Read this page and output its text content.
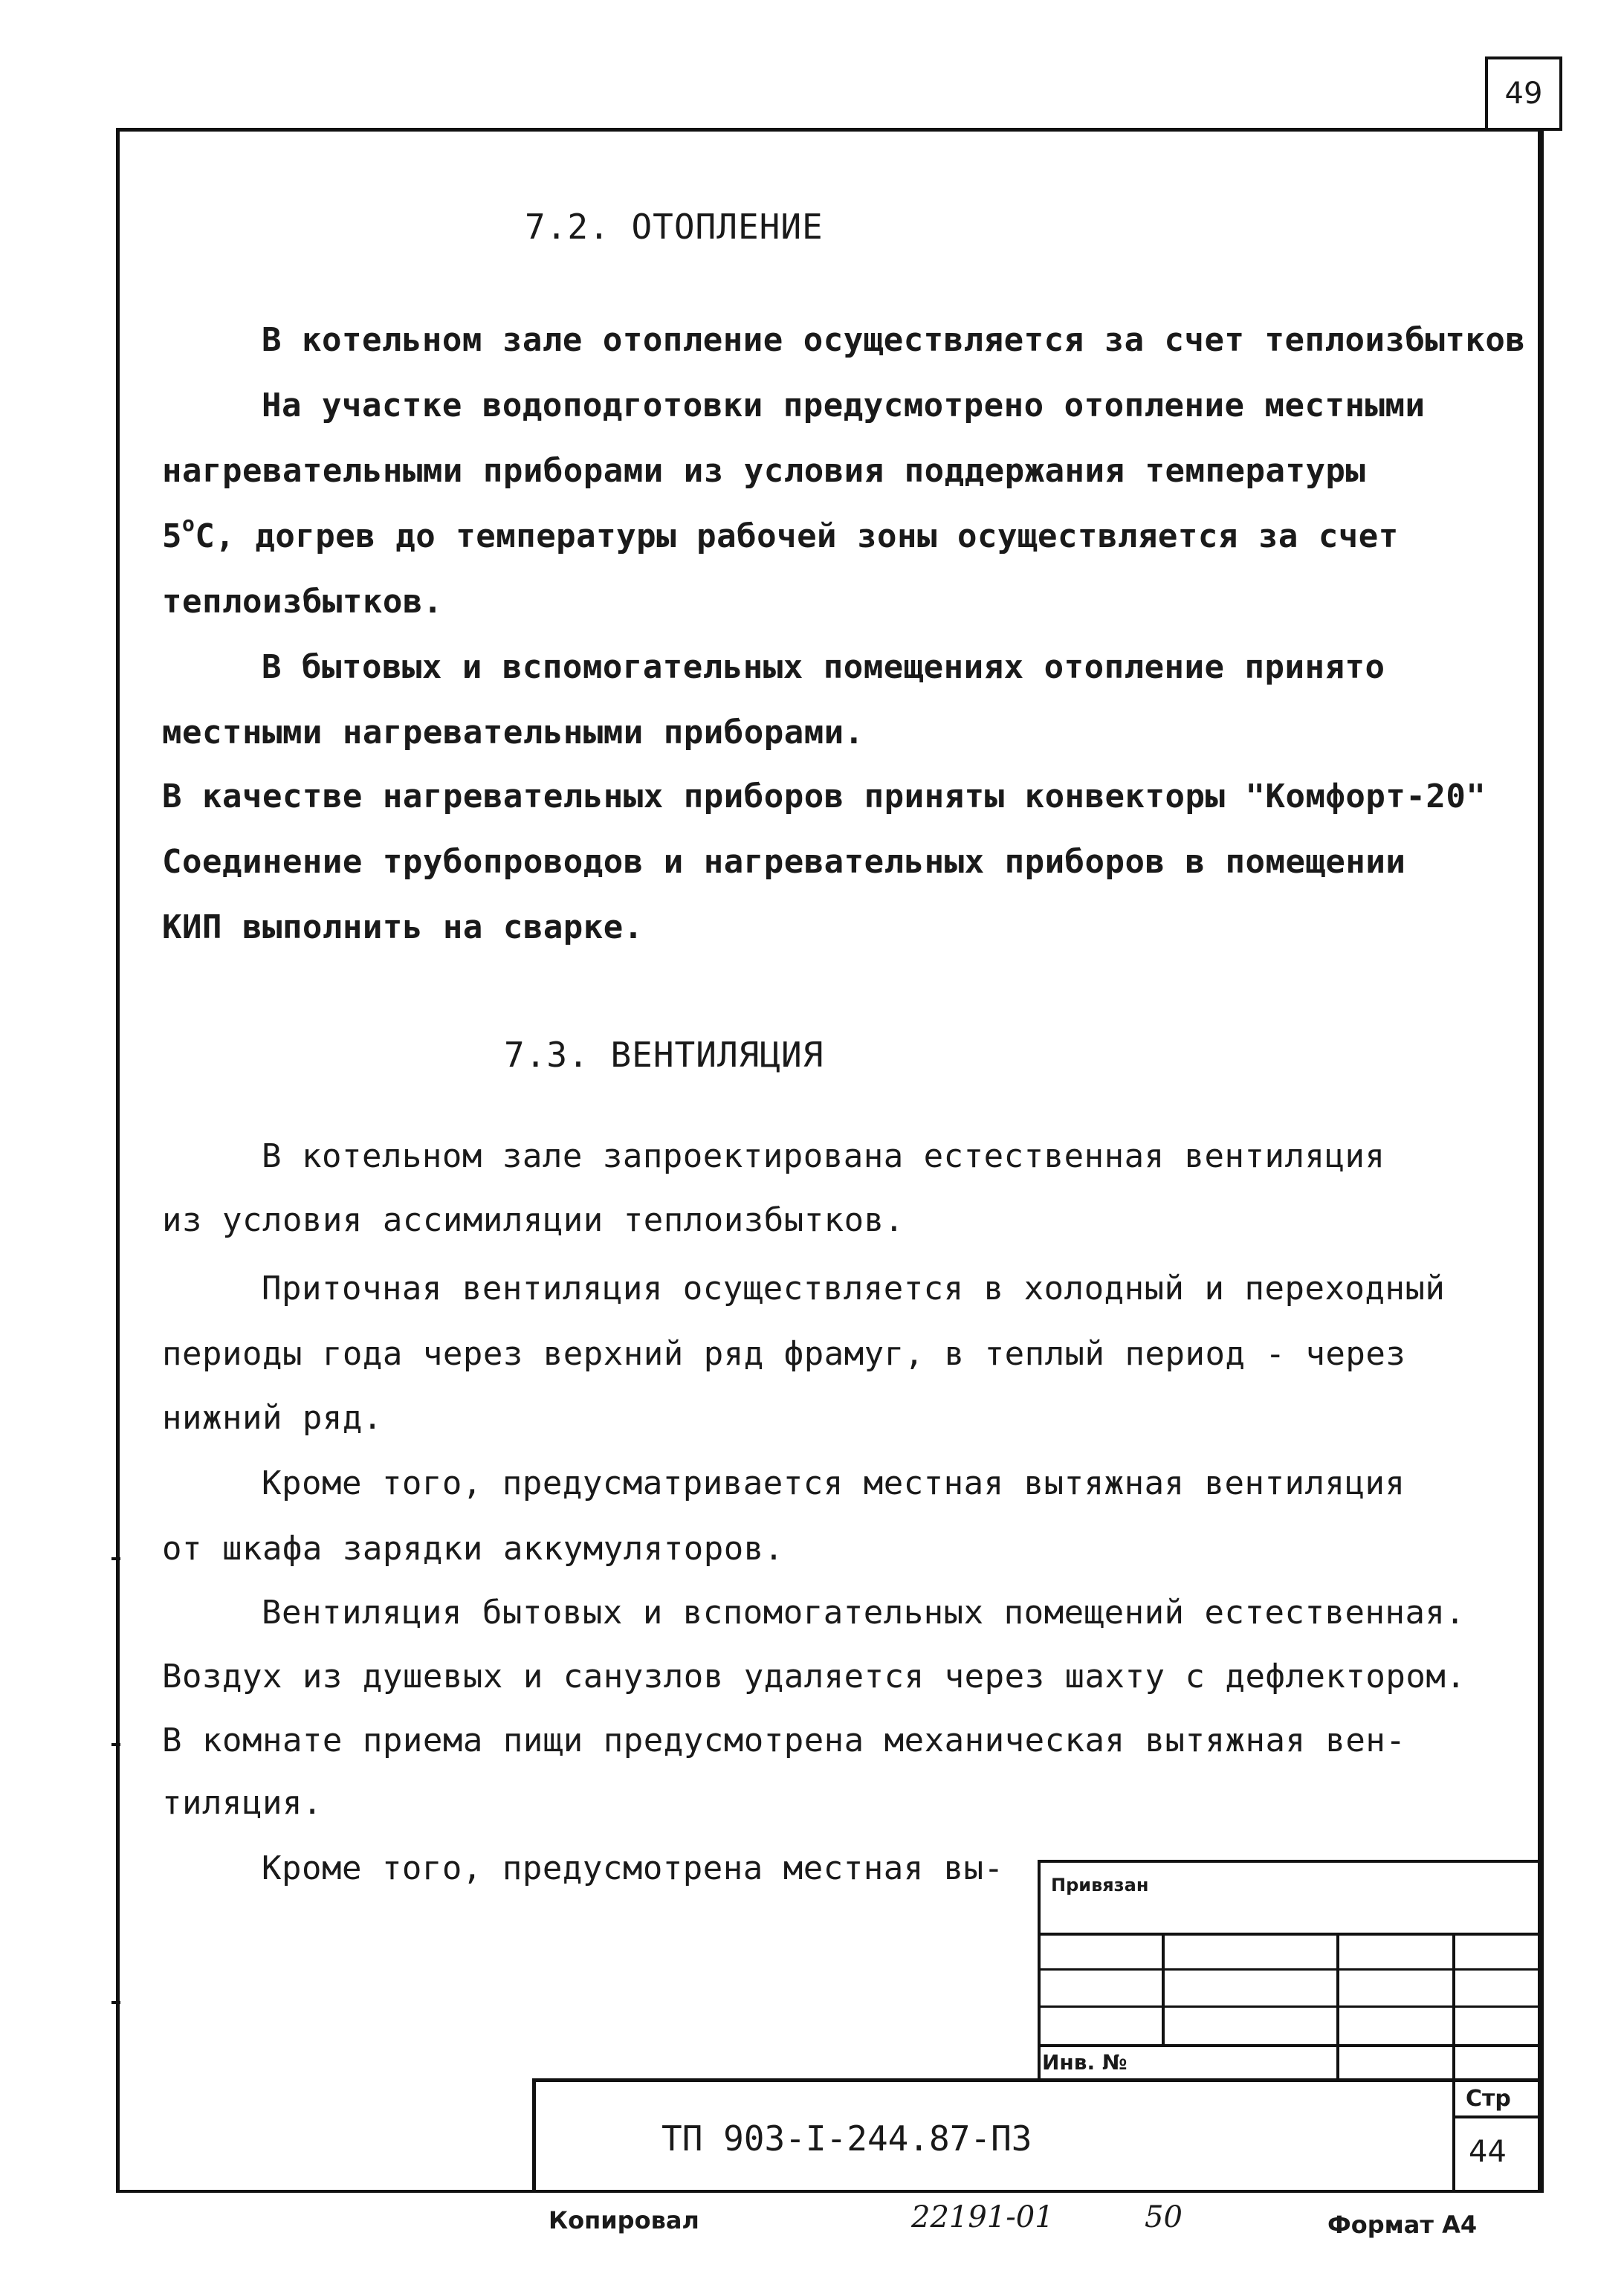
49
7.2. ОТОПЛЕНИЕ
В котельном зале отопление осуществляется за счет теплоизбытков
На участке водоподготовки предусмотрено отопление местными
нагревательными приборами из условия поддержания температуры
5$^o$С, догрев до температуры рабочей зоны осуществляется за счет
теплоизбытков.
В бытовых и вспомогательных помещениях отопление принято
местными нагревательными приборами.
В качестве нагревательных приборов приняты конвекторы "Комфорт-20"
Соединение трубопроводов и нагревательных приборов в помещении
КИП выполнить на сварке.
7.3. ВЕНТИЛЯЦИЯ
В котельном зале запроектирована естественная вентиляция
из условия ассимиляции теплоизбытков.
Приточная вентиляция осуществляется в холодный и переходный
периоды года через верхний ряд фрамуг, в теплый период - через
нижний ряд.
Кроме того, предусматривается местная вытяжная вентиляция
от шкафа зарядки аккумуляторов.
Вентиляция бытовых и вспомогательных помещений естественная.
Воздух из душевых и санузлов удаляется через шахту с дефлектором.
В комнате приема пищи предусмотрена механическая вытяжная вен-
тиляция.
Кроме того, предусмотрена местная вы-	Привязан
Инв. №
ТП 903-I-244.87-ПЗ
Стр
44
Копировал	22191-01	50	Формат А4
